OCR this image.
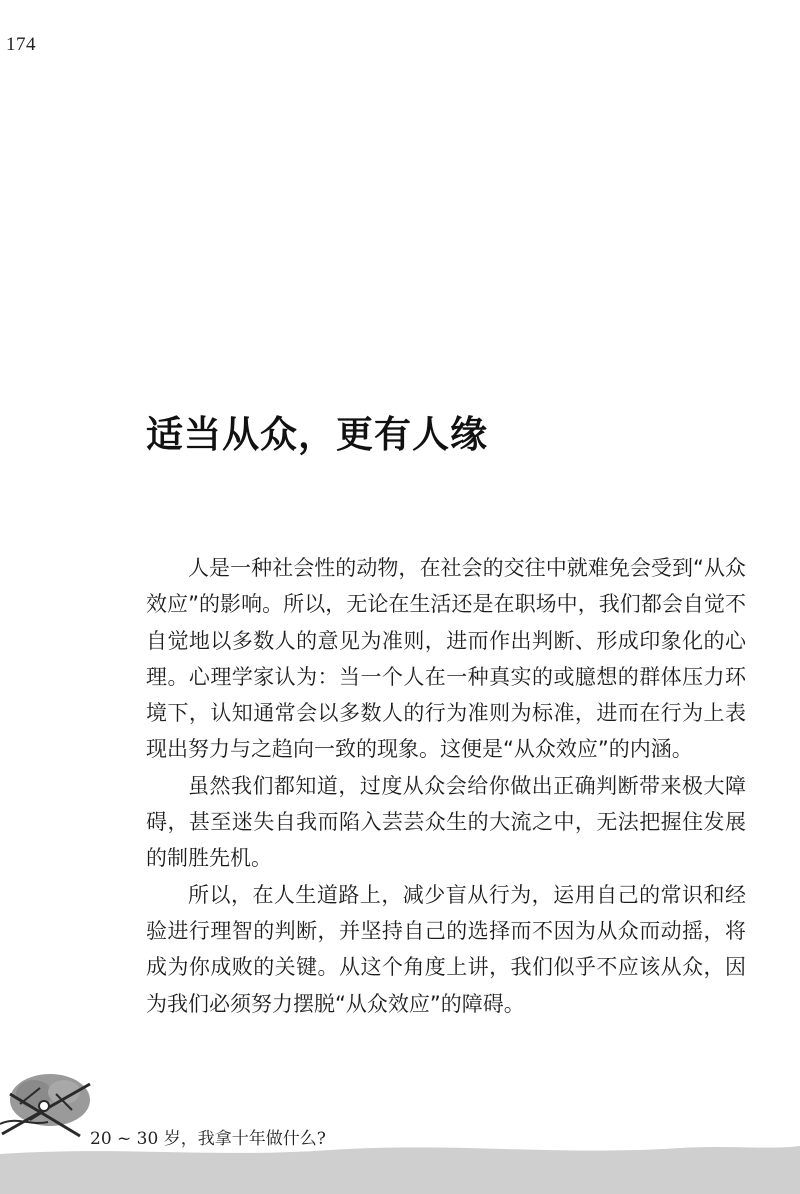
174
适当从众，更有人缘

人是一种社会性的动物，在社会的交往中就难免会受到“从众效应”的影响。所以，无论在生活还是在职场中，我们都会自觉不自觉地以多数人的意见为准则，进而作出判断、形成印象化的心理。心理学家认为：当一个人在一种真实的或臆想的群体压力环境下，认知通常会以多数人的行为准则为标准，进而在行为上表现出努力与之趋向一致的现象。这便是“从众效应”的内涵。

虽然我们都知道，过度从众会给你做出正确判断带来极大障碍，甚至迷失自我而陷入芸芸众生的大流之中，无法把握住发展的制胜先机。

所以，在人生道路上，减少盲从行为，运用自己的常识和经验进行理智的判断，并坚持自己的选择而不因为从众而动摇，将成为你成败的关键。从这个角度上讲，我们似乎不应该从众，因为我们必须努力摆脱“从众效应”的障碍。

20 ~ 30 岁，我拿十年做什么?
